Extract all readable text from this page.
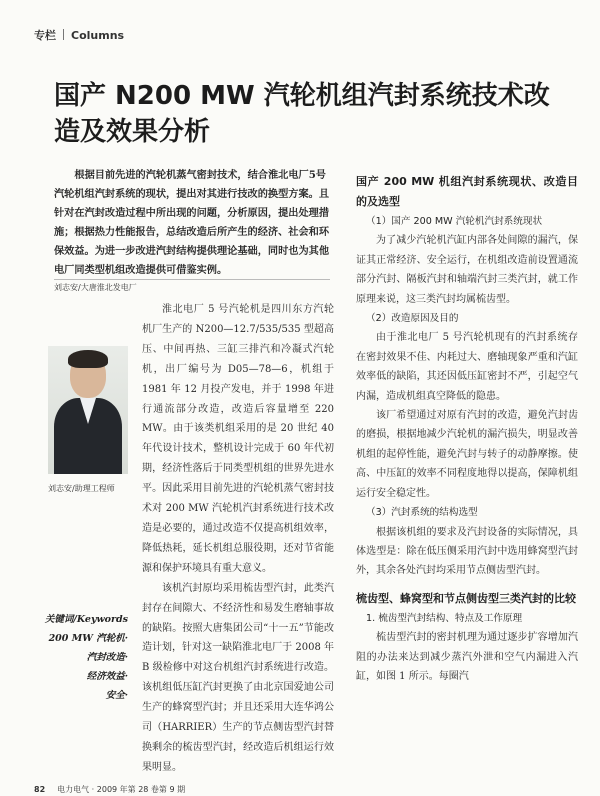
专栏 Columns
国产 N200 MW 汽轮机组汽封系统技术改造及效果分析
根据目前先进的汽轮机蒸气密封技术，结合淮北电厂5号汽轮机组汽封系统的现状，提出对其进行技改的换型方案。且针对在汽封改造过程中所出现的问题，分析原因，提出处理措施；根据热力性能报告，总结改造后所产生的经济、社会和环保效益。为进一步改进汽封结构提供理论基础，同时也为其他电厂同类型机组改造提供可借鉴实例。
刘志安/大唐淮北发电厂
刘志安/助理工程师
关键词/Keywords
200 MW 汽轮机·
汽封改造·
经济效益·
安全·

淮北电厂 5 号汽轮机是四川东方汽轮机厂生产的 N200—12.7/535/535 型超高压、中间再热、三缸三排汽和冷凝式汽轮机，出厂编号为 D05—78—6，机组于 1981 年 12 月投产发电，并于 1998 年进行通流部分改造，改造后容量增至 220 MW。由于该类机组采用的是 20 世纪 40 年代设计技术，整机设计完成于 60 年代初期，经济性落后于同类型机组的世界先进水平。因此采用目前先进的汽轮机蒸气密封技术对 200 MW 汽轮机汽封系统进行技术改造是必要的，通过改造不仅提高机组效率，降低热耗，延长机组总服役期，还对节省能源和保护环境具有重大意义。

该机汽封原均采用梳齿型汽封，此类汽封存在间隙大、不经济性和易发生磨轴事故的缺陷。按照大唐集团公司“十一五”节能改造计划，针对这一缺陷淮北电厂于 2008 年 B 级检修中对这台机组汽封系统进行改造。该机组低压缸汽封更换了由北京国爱迪公司生产的蜂窝型汽封；并且还采用大连华鸿公司（HARRIER）生产的节点侧齿型汽封替换剩余的梳齿型汽封，经改造后机组运行效果明显。

国产 200 MW 机组汽封系统现状、改造目的及选型
（1）国产 200 MW 汽轮机汽封系统现状

为了减少汽轮机汽缸内部各处间隙的漏汽，保证其正常经济、安全运行，在机组改造前设置通流部分汽封、隔板汽封和轴端汽封三类汽封，就工作原理来说，这三类汽封均属梳齿型。

（2）改造原因及目的

由于淮北电厂 5 号汽轮机现有的汽封系统存在密封效果不佳、内耗过大、磨轴现象严重和汽缸效率低的缺陷，其还因低压缸密封不严，引起空气内漏，造成机组真空降低的隐患。

该厂希望通过对原有汽封的改造，避免汽封齿的磨损，根据地减少汽轮机的漏汽损失，明显改善机组的起停性能，避免汽封与转子的动静摩擦。使高、中压缸的效率不同程度地得以提高，保障机组运行安全稳定性。

（3）汽封系统的结构选型

根据该机组的要求及汽封设备的实际情况，具体选型是：除在低压侧采用汽封中选用蜂窝型汽封外，其余各处汽封均采用节点侧齿型汽封。

梳齿型、蜂窝型和节点侧齿型三类汽封的比较
1. 梳齿型汽封结构、特点及工作原理

梳齿型汽封的密封机理为通过逐步扩容增加汽阻的办法来达到减少蒸汽外泄和空气内漏进入汽缸，如图 1 所示。每圈汽

82 电力电气 · 2009 年第 28 卷第 9 期
